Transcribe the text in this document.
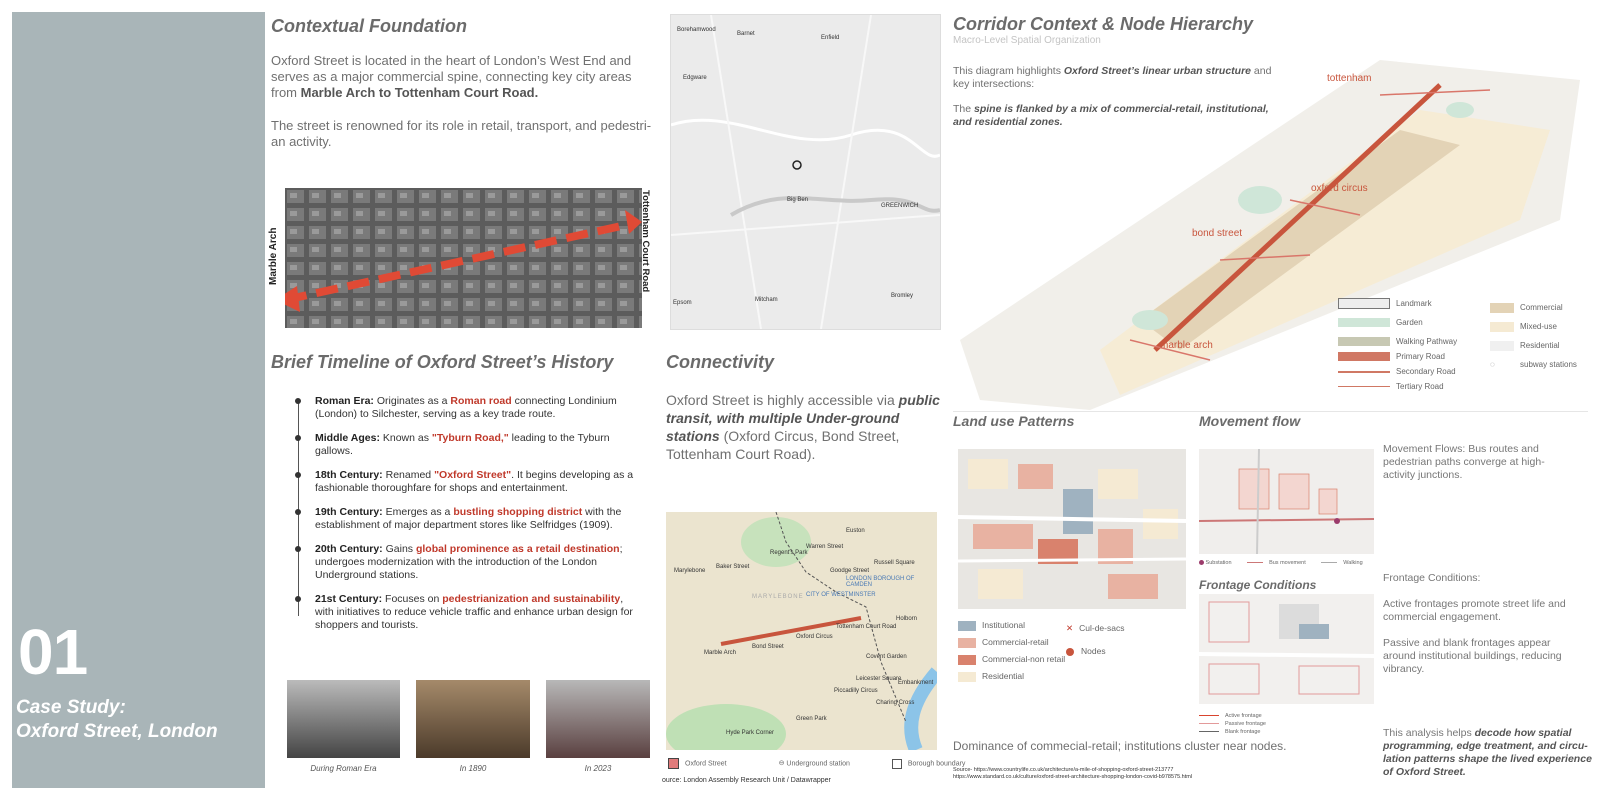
01
Case Study:
Oxford Street, London
Contextual Foundation
Oxford Street is located in the heart of London’s West End and serves as a major commercial spine, connecting key city areas from Marble Arch to Tottenham Court Road.
The street is renowned for its role in retail, transport, and pedestri-an activity.
Marble Arch	Tottenham Court Road
Borehamwood
Barnet
Enfield
Edgware
Big Ben
GREENWICH
Mitcham
Bromley
Epsom
Brief Timeline of Oxford Street’s History
Roman Era: Originates as a Roman road connecting Londinium (London) to Silchester, serving as a key trade route.
Middle Ages: Known as "Tyburn Road," leading to the Tyburn gallows.
18th Century: Renamed "Oxford Street". It begins developing as a fashionable thoroughfare for shops and entertainment.
19th Century: Emerges as a bustling shopping district with the establishment of major department stores like Selfridges (1909).
20th Century: Gains global prominence as a retail destination; undergoes modernization with the introduction of the London Underground stations.
21st Century: Focuses on pedestrianization and sustainability, with initiatives to reduce vehicle traffic and enhance urban design for shoppers and tourists.
During Roman Era	In 1890	In 2023
Connectivity
Oxford Street is highly accessible via public transit, with multiple Under-ground stations (Oxford Circus, Bond Street, Tottenham Court Road).
Euston
Warren Street
Goodge Street
Russell Square
Marylebone
Baker Street
Regent's Park
Marble Arch
Bond Street
Oxford Circus
Tottenham Court Road
Holborn
Covent Garden
Leicester Square
Piccadilly Circus
Charing Cross
Green Park
Hyde Park Corner
MARYLEBONE CITY OF WESTMINSTER
LONDON BOROUGH OF CAMDEN
Embankment
Oxford Street	⊖ Underground station	Borough boundary
ource: London Assembly Research Unit / Datawrapper
Corridor Context & Node Hierarchy
Macro-Level Spatial Organization
This diagram highlights Oxford Street’s linear urban structure and key intersections:
The spine is flanked by a mix of commercial-retail, institutional, and residential zones.
tottenham
oxford circus
bond street
marble arch
Landmark
Garden
Walking Pathway
Primary Road
Secondary Road
Tertiary Road
Commercial
Mixed-use
Residential
◌	subway stations
Land use Patterns
Institutional
Commercial-retail
Commercial-non retail
Residential
✕ Cul-de-sacs
Nodes
Dominance of commecial-retail; institutions cluster near nodes.
Source- https://www.countrylife.co.uk/architecture/a-mile-of-shopping-oxford-street-213777
https://www.standard.co.uk/culture/oxford-street-architecture-shopping-london-covid-b978575.html
Movement flow
Substation	Bus movement	Walking
Movement Flows: Bus routes and pedestrian paths converge at high-activity junctions.
Frontage Conditions
Active frontage
Passive frontage
Blank frontage
Frontage Conditions:
Active frontages promote street life and commercial engagement.
Passive and blank frontages appear around institutional buildings, reducing vibrancy.
This analysis helps decode how spatial programming, edge treatment, and circu-lation patterns shape the lived experience of Oxford Street.
